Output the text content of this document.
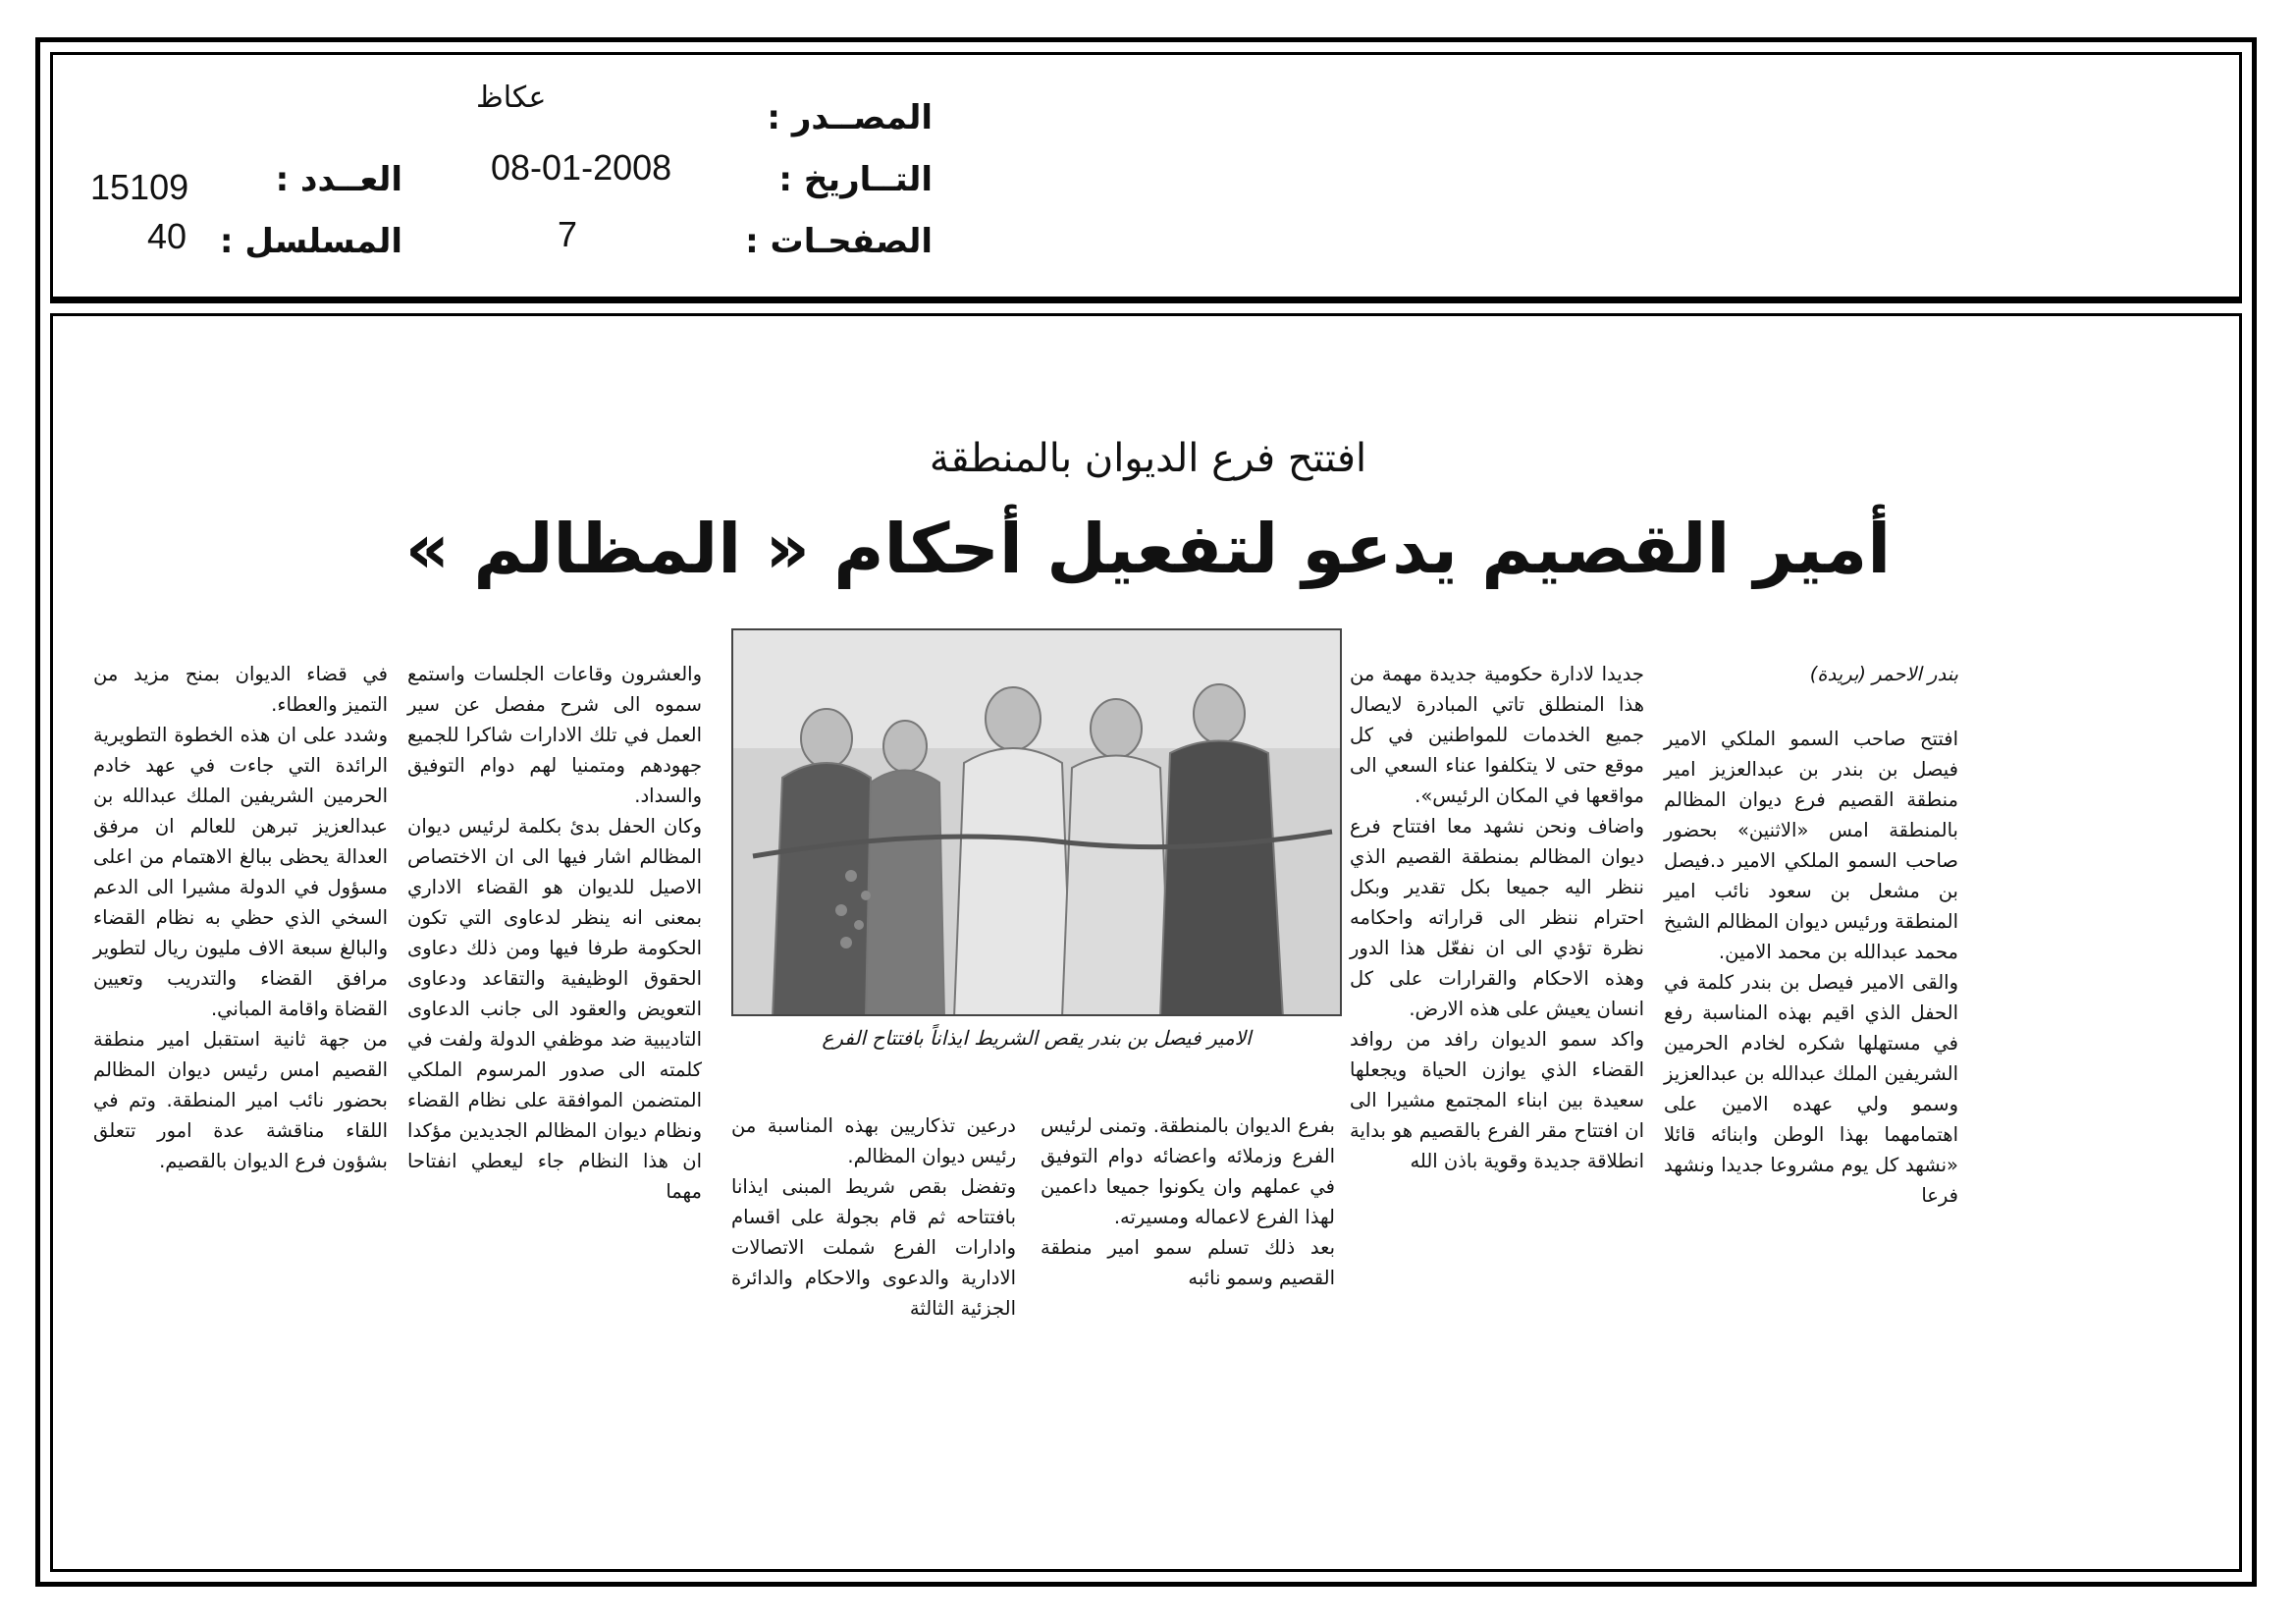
المصــدر :
التــاريخ :
الصفحـات :
عكاظ
08-01-2008
7
العــدد :
المسلسل :
15109
40
افتتح فرع الديوان بالمنطقة
أمير القصيم يدعو لتفعيل أحكام « المظالم »

بندر الاحمر (بريدة)

افتتح صاحب السمو الملكي الامير فيصل بن بندر بن عبدالعزيز امير منطقة القصيم فرع ديوان المظالم بالمنطقة امس «الاثنين» بحضور صاحب السمو الملكي الامير د.فيصل بن مشعل بن سعود نائب امير المنطقة ورئيس ديوان المظالم الشيخ محمد عبدالله بن محمد الامين.
والقى الامير فيصل بن بندر كلمة في الحفل الذي اقيم بهذه المناسبة رفع في مستهلها شكره لخادم الحرمين الشريفين الملك عبدالله بن عبدالعزيز وسمو ولي عهده الامين على اهتمامهما بهذا الوطن وابنائه قائلا «نشهد كل يوم مشروعا جديدا ونشهد فرعا

جديدا لادارة حكومية جديدة مهمة من هذا المنطلق تاتي المبادرة لايصال جميع الخدمات للمواطنين في كل موقع حتى لا يتكلفوا عناء السعي الى مواقعها في المكان الرئيس».
واضاف ونحن نشهد معا افتتاح فرع ديوان المظالم بمنطقة القصيم الذي ننظر اليه جميعا بكل تقدير وبكل احترام ننظر الى قراراته واحكامه نظرة تؤدي الى ان نفعّل هذا الدور وهذه الاحكام والقرارات على كل انسان يعيش على هذه الارض.
واكد سمو الديوان رافد من روافد القضاء الذي يوازن الحياة ويجعلها سعيدة بين ابناء المجتمع مشيرا الى ان افتتاح مقر الفرع بالقصيم هو بداية انطلاقة جديدة وقوية باذن الله

الامير فيصل بن بندر يقص الشريط ايذاناً بافتتاح الفرع

بفرع الديوان بالمنطقة. وتمنى لرئيس الفرع وزملائه واعضائه دوام التوفيق في عملهم وان يكونوا جميعا داعمين لهذا الفرع لاعماله ومسيرته.
بعد ذلك تسلم سمو امير منطقة القصيم وسمو نائبه

درعين تذكاريين بهذه المناسبة من رئيس ديوان المظالم.
وتفضل بقص شريط المبنى ايذانا بافتتاحه ثم قام بجولة على اقسام وادارات الفرع شملت الاتصالات الادارية والدعوى والاحكام والدائرة الجزئية الثالثة

والعشرون وقاعات الجلسات واستمع سموه الى شرح مفصل عن سير العمل في تلك الادارات شاكرا للجميع جهودهم ومتمنيا لهم دوام التوفيق والسداد.
وكان الحفل بدئ بكلمة لرئيس ديوان المظالم اشار فيها الى ان الاختصاص الاصيل للديوان هو القضاء الاداري بمعنى انه ينظر لدعاوى التي تكون الحكومة طرفا فيها ومن ذلك دعاوى الحقوق الوظيفية والتقاعد ودعاوى التعويض والعقود الى جانب الدعاوى التاديبية ضد موظفي الدولة ولفت في كلمته الى صدور المرسوم الملكي المتضمن الموافقة على نظام القضاء ونظام ديوان المظالم الجديدين مؤكدا ان هذا النظام جاء ليعطي انفتاحا مهما

في قضاء الديوان بمنح مزيد من التميز والعطاء.
وشدد على ان هذه الخطوة التطويرية الرائدة التي جاءت في عهد خادم الحرمين الشريفين الملك عبدالله بن عبدالعزيز تبرهن للعالم ان مرفق العدالة يحظى ببالغ الاهتمام من اعلى مسؤول في الدولة مشيرا الى الدعم السخي الذي حظي به نظام القضاء والبالغ سبعة الاف مليون ريال لتطوير مرافق القضاء والتدريب وتعيين القضاة واقامة المباني.
من جهة ثانية استقبل امير منطقة القصيم امس رئيس ديوان المظالم بحضور نائب امير المنطقة. وتم في اللقاء مناقشة عدة امور تتعلق بشؤون فرع الديوان بالقصيم.
